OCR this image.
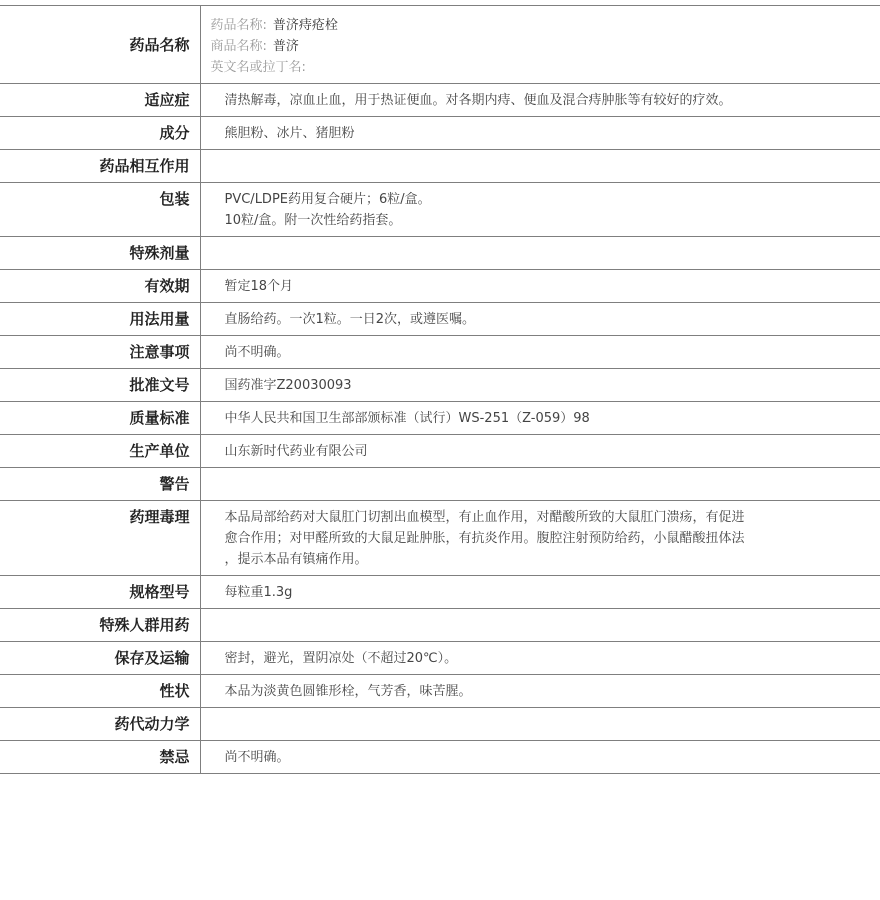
药品名称	药品名称: 普济痔疮栓
商品名称: 普济
英文名或拉丁名:

适应症	清热解毒，凉血止血，用于热证便血。对各期内痔、便血及混合痔肿胀等有较好的疗效。

成分	熊胆粉、冰片、猪胆粉

药品相互作用	
包装	PVC/LDPE药用复合硬片；6粒/盒。
10粒/盒。附一次性给药指套。

特殊剂量	
有效期	暂定18个月

用法用量	直肠给药。一次1粒。一日2次，或遵医嘱。

注意事项	尚不明确。

批准文号	国药准字Z20030093

质量标准	中华人民共和国卫生部部颁标准（试行）WS-251（Z-059）98

生产单位	山东新时代药业有限公司

警告	
药理毒理	本品局部给药对大鼠肛门切割出血模型，有止血作用，对醋酸所致的大鼠肛门溃疡，有促进
愈合作用；对甲醛所致的大鼠足趾肿胀，有抗炎作用。腹腔注射预防给药，小鼠醋酸扭体法
，提示本品有镇痛作用。

规格型号	每粒重1.3g

特殊人群用药	
保存及运输	密封，避光，置阴凉处（不超过20℃）。

性状	本品为淡黄色圆锥形栓，气芳香，味苦腥。

药代动力学	
禁忌	尚不明确。
